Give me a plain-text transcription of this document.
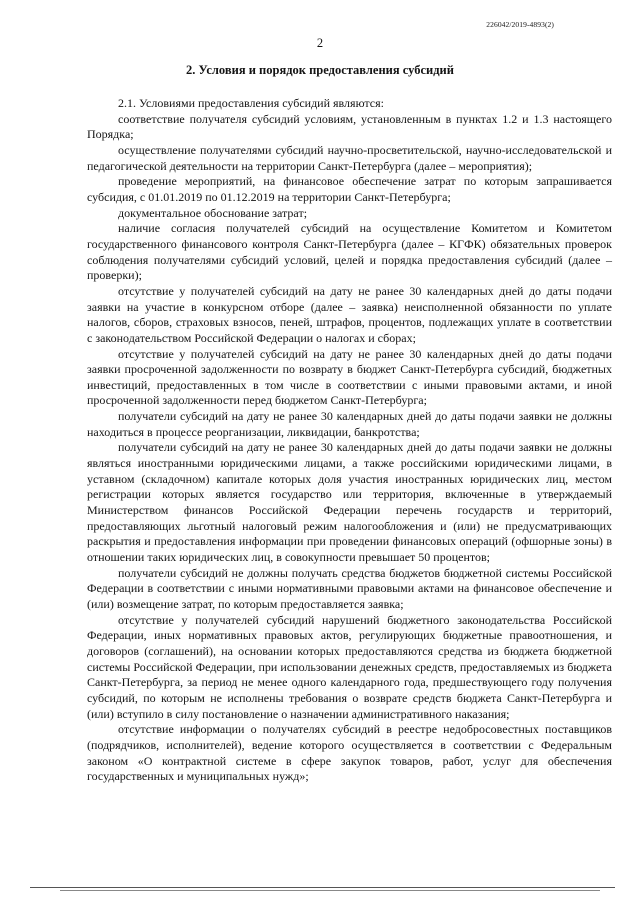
226042/2019-4893(2)
2
2. Условия и порядок предоставления субсидий

2.1. Условиями предоставления субсидий являются:

соответствие получателя субсидий условиям, установленным в пунктах 1.2 и 1.3 настоящего Порядка;

осуществление получателями субсидий научно-просветительской, научно-исследовательской и педагогической деятельности на территории Санкт-Петербурга (далее – мероприятия);

проведение мероприятий, на финансовое обеспечение затрат по которым запрашивается субсидия, с 01.01.2019 по 01.12.2019 на территории Санкт-Петербурга;

документальное обоснование затрат;

наличие согласия получателей субсидий на осуществление Комитетом и Комитетом государственного финансового контроля Санкт-Петербурга (далее – КГФК) обязательных проверок соблюдения получателями субсидий условий, целей и порядка предоставления субсидий (далее – проверки);

отсутствие у получателей субсидий на дату не ранее 30 календарных дней до даты подачи заявки на участие в конкурсном отборе (далее – заявка) неисполненной обязанности по уплате налогов, сборов, страховых взносов, пеней, штрафов, процентов, подлежащих уплате в соответствии с законодательством Российской Федерации о налогах и сборах;

отсутствие у получателей субсидий на дату не ранее 30 календарных дней до даты подачи заявки просроченной задолженности по возврату в бюджет Санкт-Петербурга субсидий, бюджетных инвестиций, предоставленных в том числе в соответствии с иными правовыми актами, и иной просроченной задолженности перед бюджетом Санкт-Петербурга;

получатели субсидий на дату не ранее 30 календарных дней до даты подачи заявки не должны находиться в процессе реорганизации, ликвидации, банкротства;

получатели субсидий на дату не ранее 30 календарных дней до даты подачи заявки не должны являться иностранными юридическими лицами, а также российскими юридическими лицами, в уставном (складочном) капитале которых доля участия иностранных юридических лиц, местом регистрации которых является государство или территория, включенные в утверждаемый Министерством финансов Российской Федерации перечень государств и территорий, предоставляющих льготный налоговый режим налогообложения и (или) не предусматривающих раскрытия и предоставления информации при проведении финансовых операций (офшорные зоны) в отношении таких юридических лиц, в совокупности превышает 50 процентов;

получатели субсидий не должны получать средства бюджетов бюджетной системы Российской Федерации в соответствии с иными нормативными правовыми актами на финансовое обеспечение и (или) возмещение затрат, по которым предоставляется заявка;

отсутствие у получателей субсидий нарушений бюджетного законодательства Российской Федерации, иных нормативных правовых актов, регулирующих бюджетные правоотношения, и договоров (соглашений), на основании которых предоставляются средства из бюджета бюджетной системы Российской Федерации, при использовании денежных средств, предоставляемых из бюджета Санкт-Петербурга, за период не менее одного календарного года, предшествующего году получения субсидий, по которым не исполнены требования о возврате средств бюджета Санкт-Петербурга и (или) вступило в силу постановление о назначении административного наказания;

отсутствие информации о получателях субсидий в реестре недобросовестных поставщиков (подрядчиков, исполнителей), ведение которого осуществляется в соответствии с Федеральным законом «О контрактной системе в сфере закупок товаров, работ, услуг для обеспечения государственных и муниципальных нужд»;
